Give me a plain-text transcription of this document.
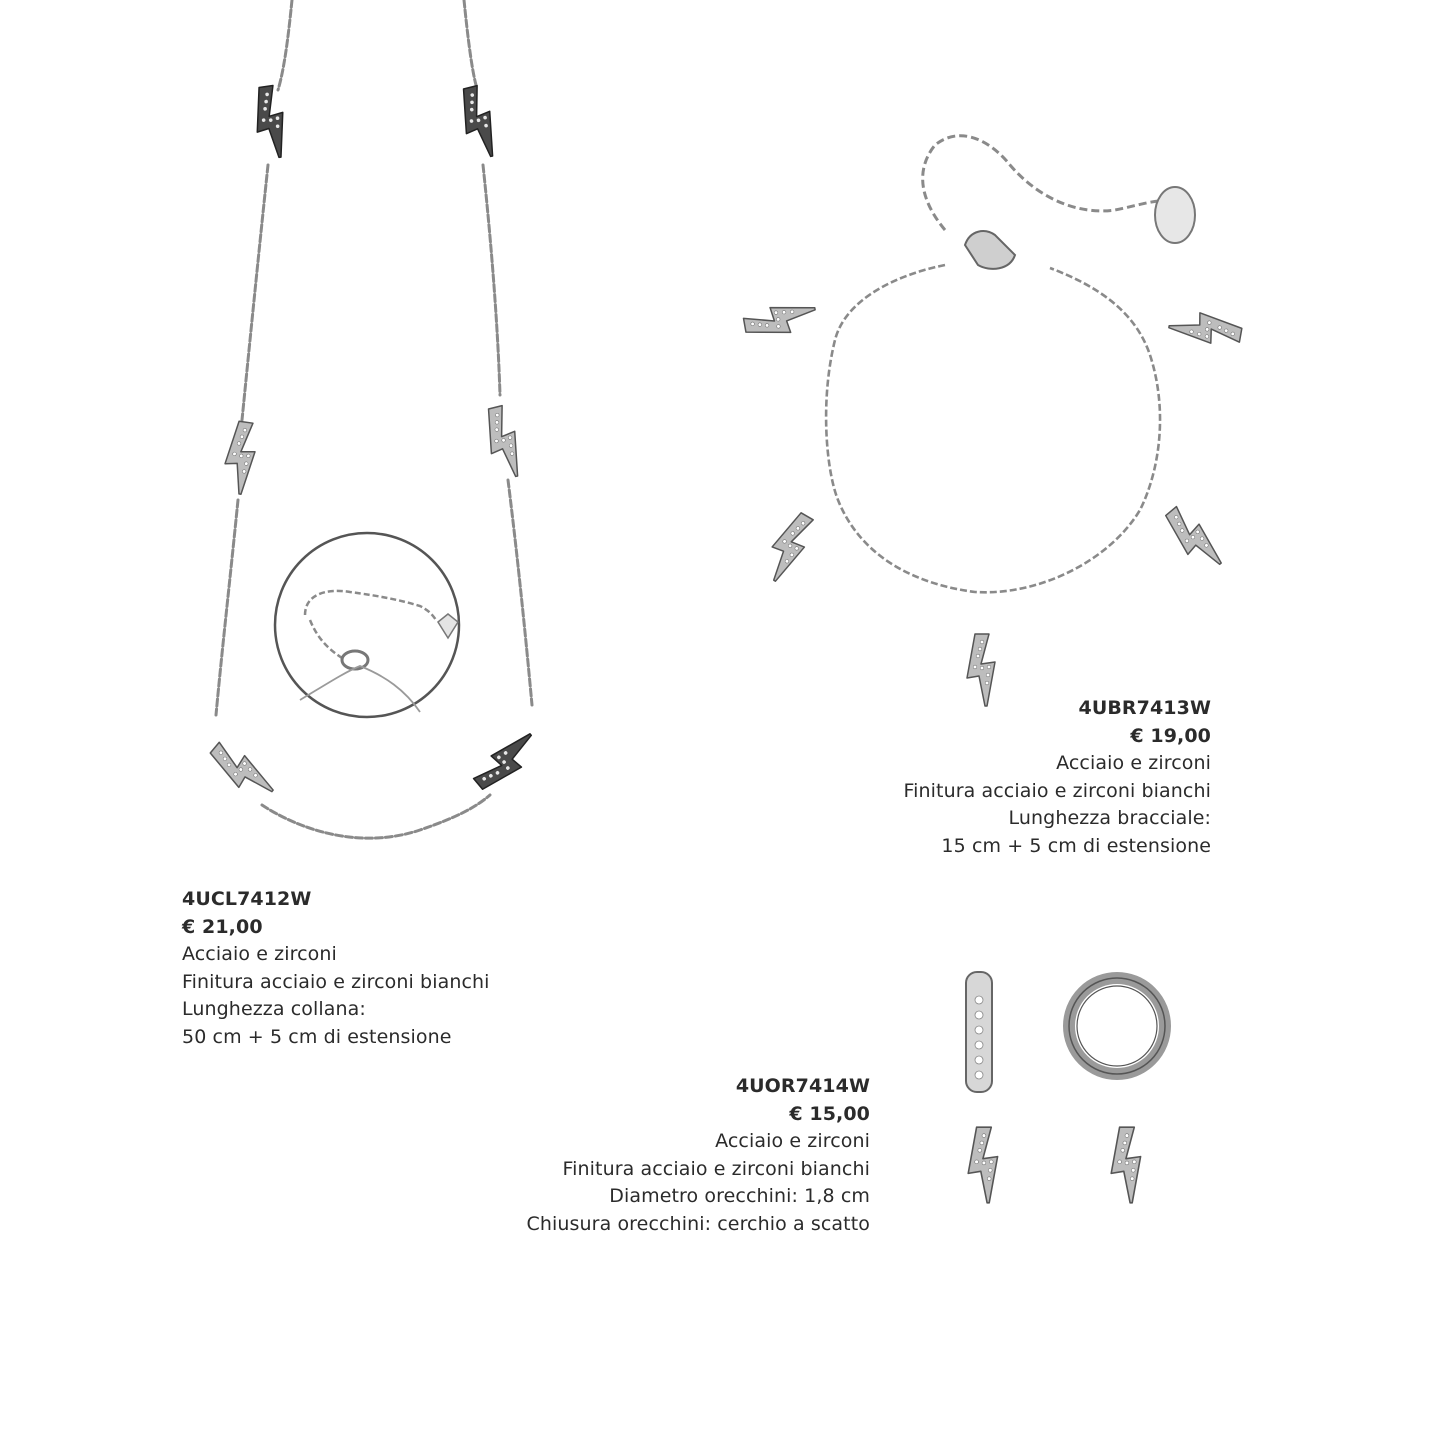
4UCL7412W
€ 21,00
Acciaio e zirconi
Finitura acciaio e zirconi bianchi
Lunghezza collana:
50 cm + 5 cm di estensione
4UBR7413W
€ 19,00
Acciaio e zirconi
Finitura acciaio e zirconi bianchi
Lunghezza bracciale:
15 cm + 5 cm di estensione
4UOR7414W
€ 15,00
Acciaio e zirconi
Finitura acciaio e zirconi bianchi
Diametro orecchini: 1,8 cm
Chiusura orecchini: cerchio a scatto
